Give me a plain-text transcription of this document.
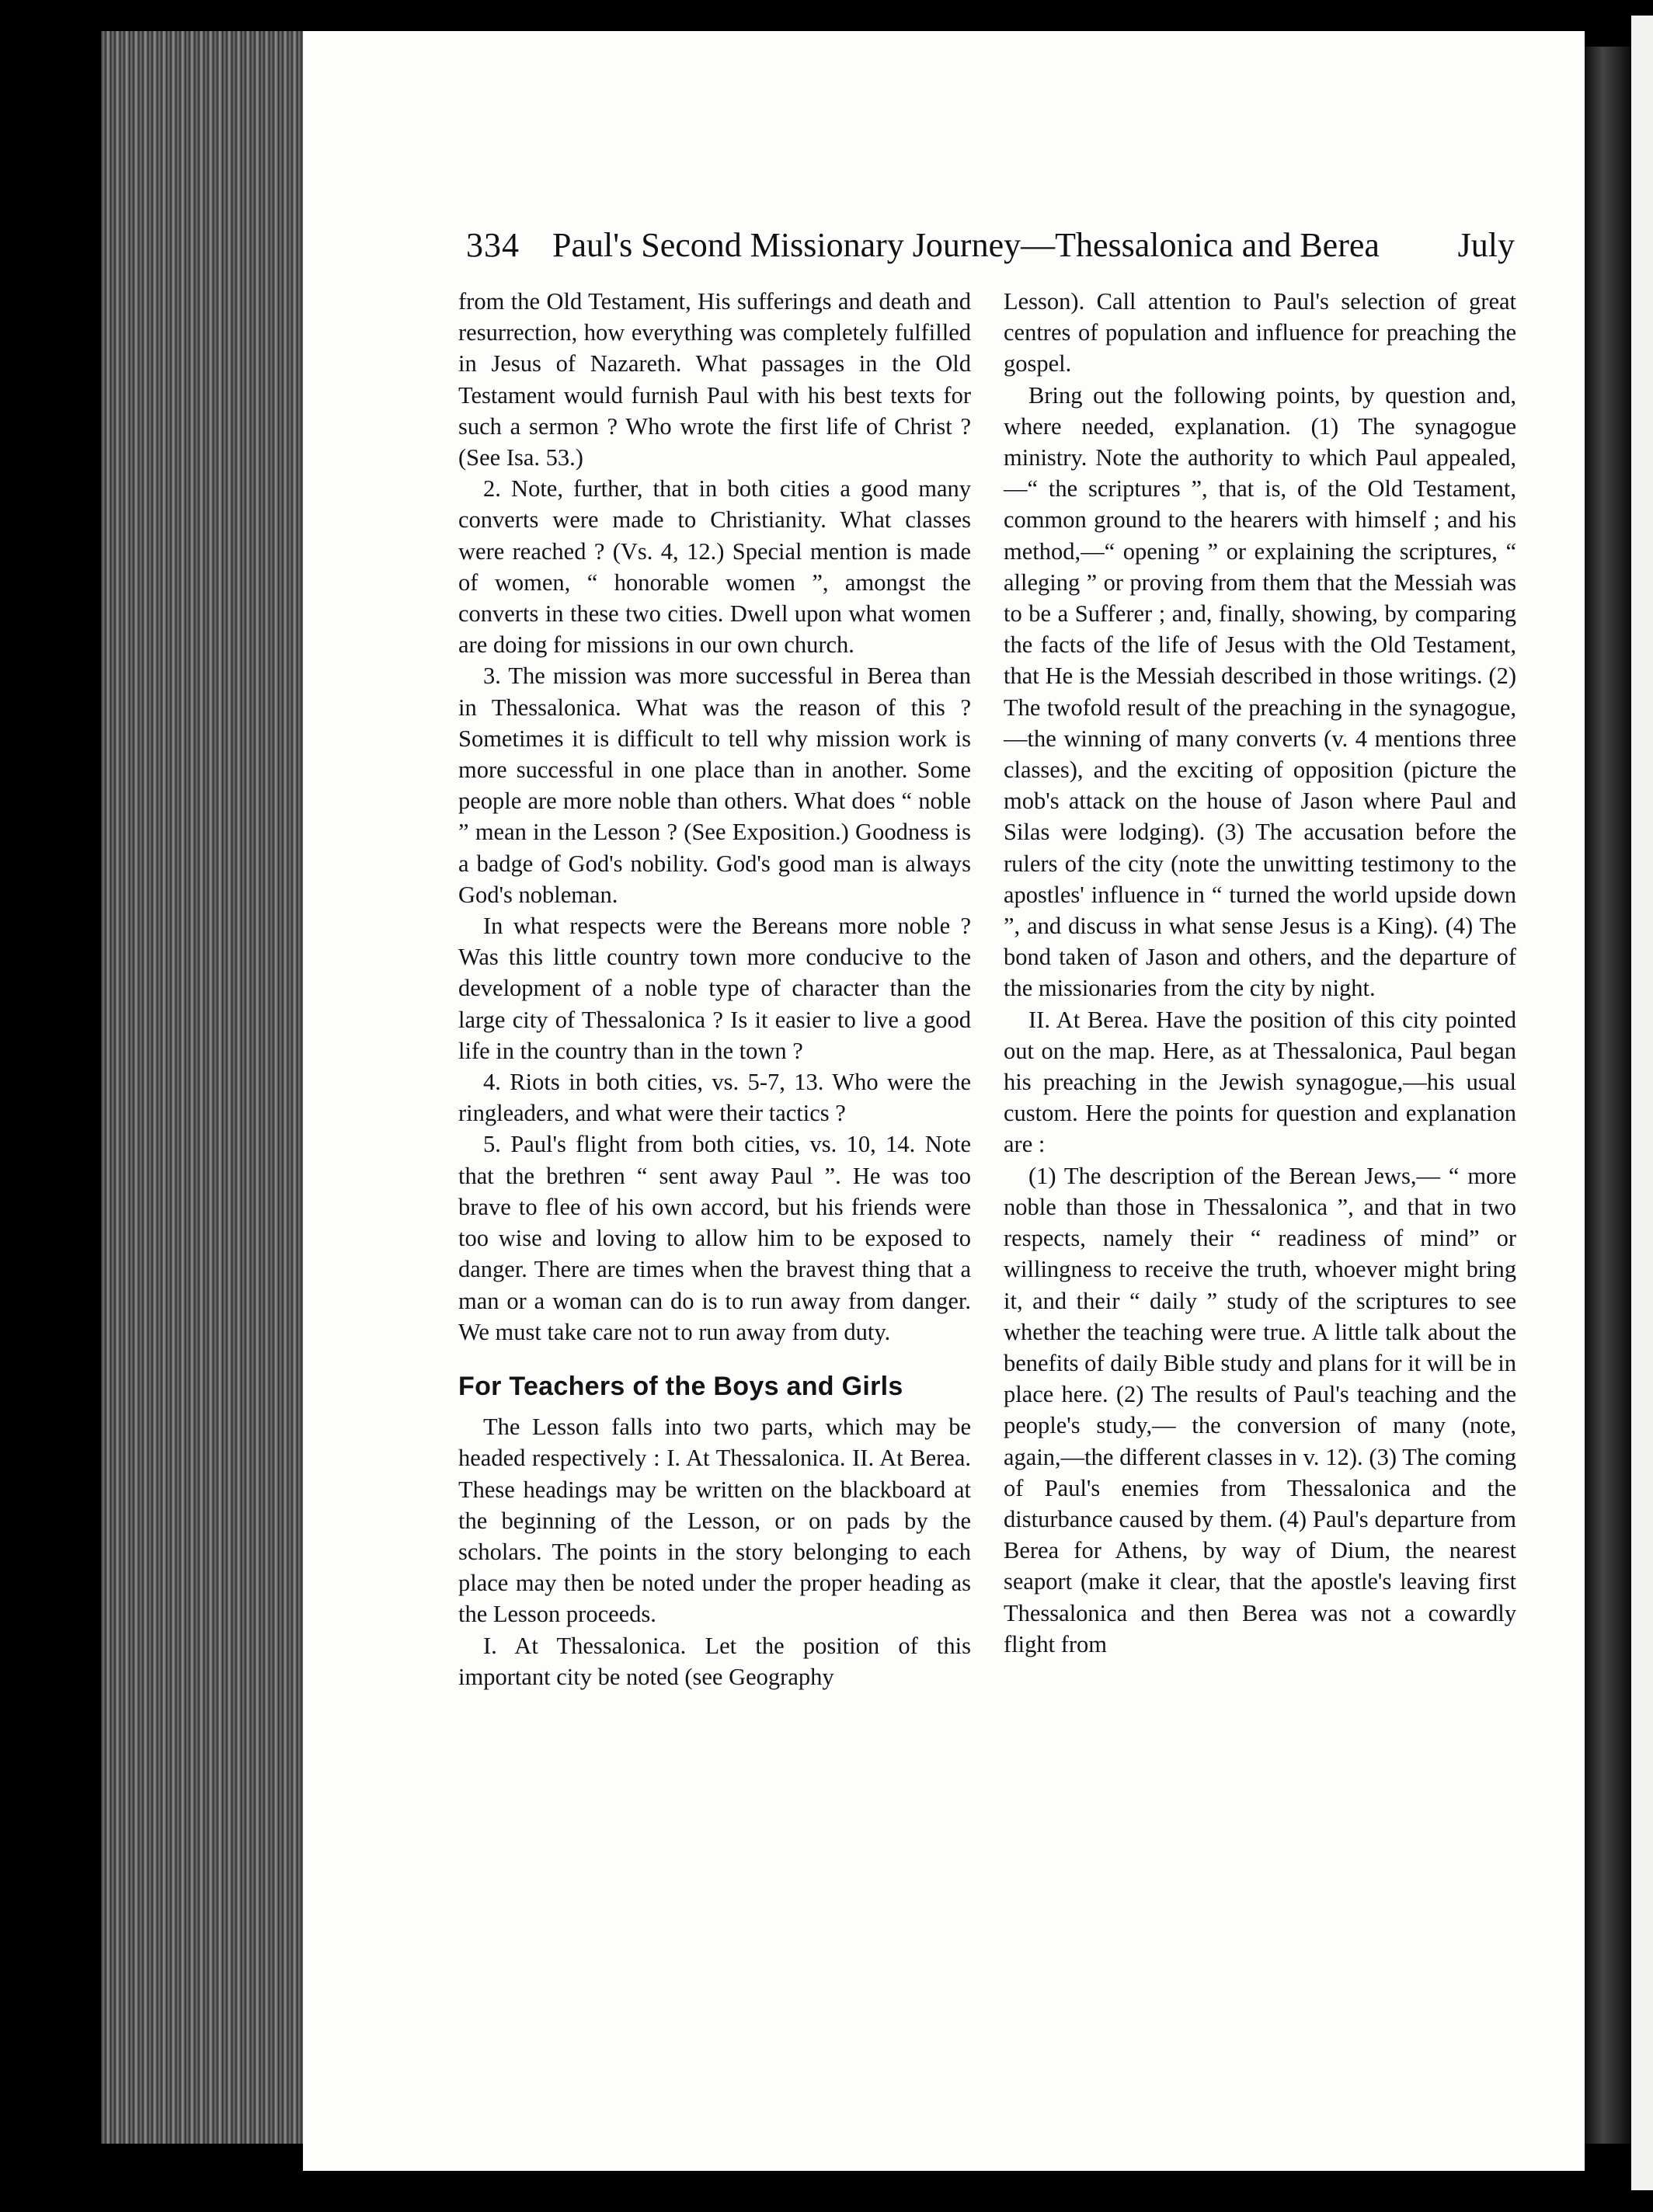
334 Paul's Second Missionary Journey—Thessalonica and Berea	July

from the Old Testament, His sufferings and death and resurrection, how everything was completely fulfilled in Jesus of Nazareth. What passages in the Old Testament would furnish Paul with his best texts for such a sermon ? Who wrote the first life of Christ ? (See Isa. 53.)

2. Note, further, that in both cities a good many converts were made to Christianity. What classes were reached ? (Vs. 4, 12.) Special mention is made of women, “ honorable women ”, amongst the converts in these two cities. Dwell upon what women are doing for missions in our own church.

3. The mission was more successful in Berea than in Thessalonica. What was the reason of this ? Sometimes it is difficult to tell why mission work is more successful in one place than in another. Some people are more noble than others. What does “ noble ” mean in the Lesson ? (See Exposition.) Goodness is a badge of God's nobility. God's good man is always God's nobleman.

In what respects were the Bereans more noble ? Was this little country town more conducive to the development of a noble type of character than the large city of Thessalonica ? Is it easier to live a good life in the country than in the town ?

4. Riots in both cities, vs. 5-7, 13. Who were the ringleaders, and what were their tactics ?

5. Paul's flight from both cities, vs. 10, 14. Note that the brethren “ sent away Paul ”. He was too brave to flee of his own accord, but his friends were too wise and loving to allow him to be exposed to danger. There are times when the bravest thing that a man or a woman can do is to run away from danger. We must take care not to run away from duty.

For Teachers of the Boys and Girls

The Lesson falls into two parts, which may be headed respectively : I. At Thessalonica. II. At Berea. These headings may be written on the blackboard at the beginning of the Lesson, or on pads by the scholars. The points in the story belonging to each place may then be noted under the proper heading as the Lesson proceeds.

I. At Thessalonica. Let the position of this important city be noted (see Geography

Lesson). Call attention to Paul's selection of great centres of population and influence for preaching the gospel.

Bring out the following points, by question and, where needed, explanation. (1) The synagogue ministry. Note the authority to which Paul appealed,—“ the scriptures ”, that is, of the Old Testament, common ground to the hearers with himself ; and his method,—“ opening ” or explaining the scriptures, “ alleging ” or proving from them that the Messiah was to be a Sufferer ; and, finally, showing, by comparing the facts of the life of Jesus with the Old Testament, that He is the Messiah described in those writings. (2) The twofold result of the preaching in the synagogue,—the winning of many converts (v. 4 mentions three classes), and the exciting of opposition (picture the mob's attack on the house of Jason where Paul and Silas were lodging). (3) The accusation before the rulers of the city (note the unwitting testimony to the apostles' influence in “ turned the world upside down ”, and discuss in what sense Jesus is a King). (4) The bond taken of Jason and others, and the departure of the missionaries from the city by night.

II. At Berea. Have the position of this city pointed out on the map. Here, as at Thessalonica, Paul began his preaching in the Jewish synagogue,—his usual custom. Here the points for question and explanation are :

(1) The description of the Berean Jews,— “ more noble than those in Thessalonica ”, and that in two respects, namely their “ readiness of mind” or willingness to receive the truth, whoever might bring it, and their “ daily ” study of the scriptures to see whether the teaching were true. A little talk about the benefits of daily Bible study and plans for it will be in place here. (2) The results of Paul's teaching and the people's study,— the conversion of many (note, again,—the different classes in v. 12). (3) The coming of Paul's enemies from Thessalonica and the disturbance caused by them. (4) Paul's departure from Berea for Athens, by way of Dium, the nearest seaport (make it clear, that the apostle's leaving first Thessalonica and then Berea was not a cowardly flight from
